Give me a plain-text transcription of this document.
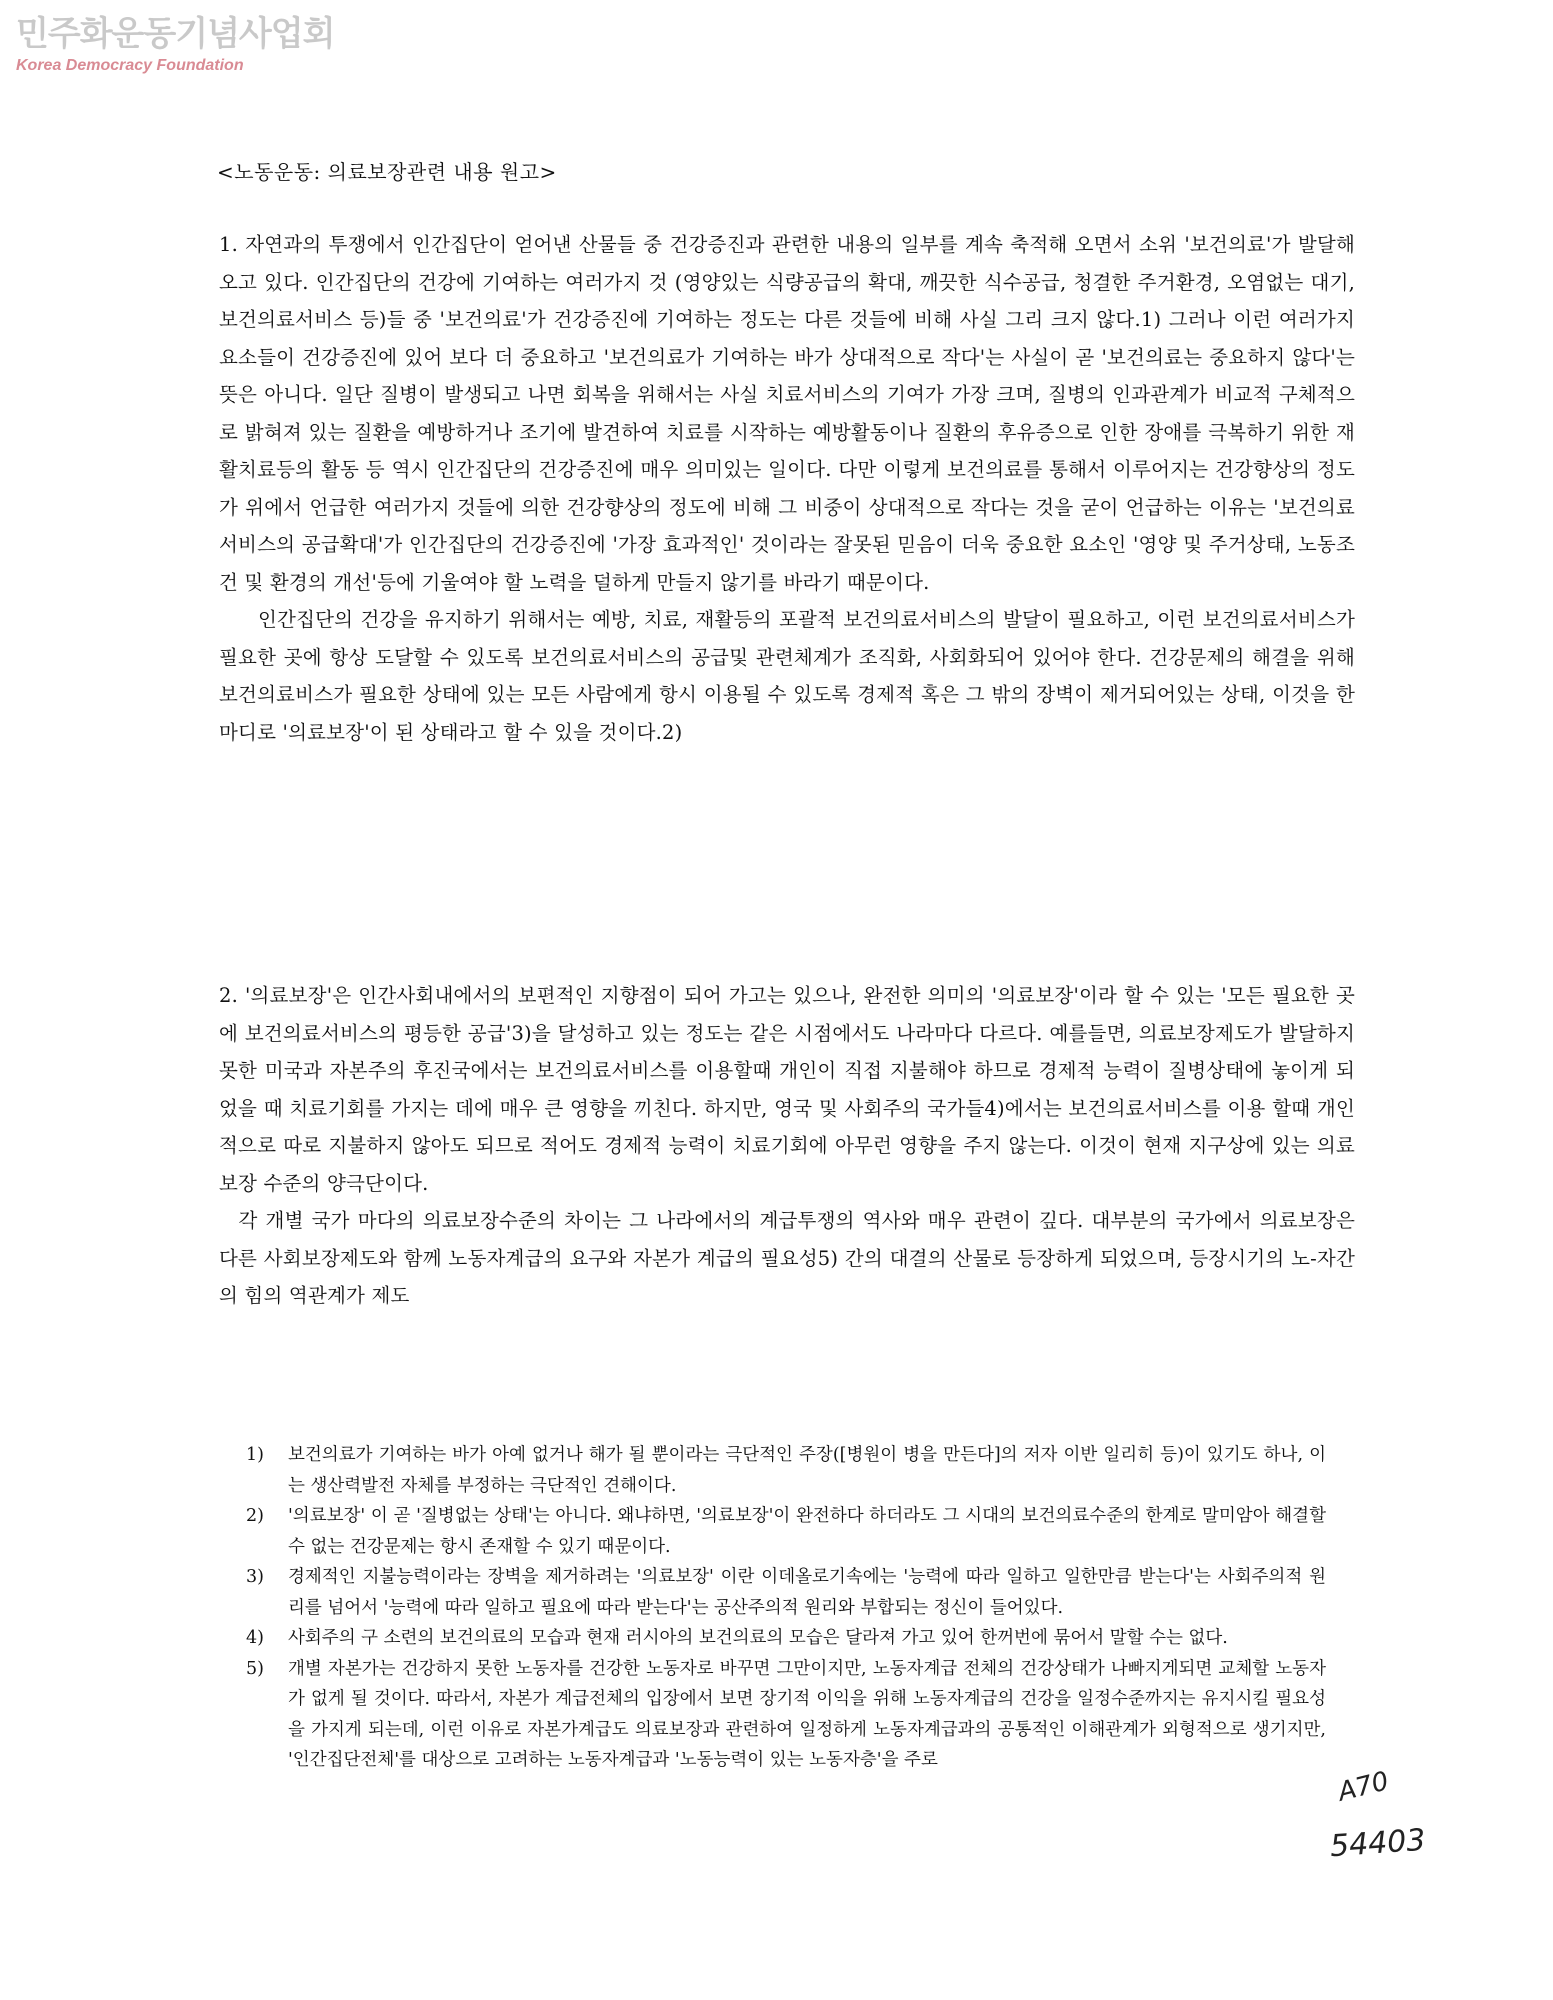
민주화운동기념사업회
Korea Democracy Foundation
<노동운동: 의료보장관련 내용 원고>

1. 자연과의 투쟁에서 인간집단이 얻어낸 산물들 중 건강증진과 관련한 내용의 일부를 계속 축적해 오면서 소위 '보건의료'가 발달해 오고 있다. 인간집단의 건강에 기여하는 여러가지 것 (영양있는 식량공급의 확대, 깨끗한 식수공급, 청결한 주거환경, 오염없는 대기, 보건의료서비스 등)들 중 '보건의료'가 건강증진에 기여하는 정도는 다른 것들에 비해 사실 그리 크지 않다.1) 그러나 이런 여러가지 요소들이 건강증진에 있어 보다 더 중요하고 '보건의료가 기여하는 바가 상대적으로 작다'는 사실이 곧 '보건의료는 중요하지 않다'는 뜻은 아니다. 일단 질병이 발생되고 나면 회복을 위해서는 사실 치료서비스의 기여가 가장 크며, 질병의 인과관계가 비교적 구체적으로 밝혀져 있는 질환을 예방하거나 조기에 발견하여 치료를 시작하는 예방활동이나 질환의 후유증으로 인한 장애를 극복하기 위한 재활치료등의 활동 등 역시 인간집단의 건강증진에 매우 의미있는 일이다. 다만 이렇게 보건의료를 통해서 이루어지는 건강향상의 정도가 위에서 언급한 여러가지 것들에 의한 건강향상의 정도에 비해 그 비중이 상대적으로 작다는 것을 굳이 언급하는 이유는 '보건의료서비스의 공급확대'가 인간집단의 건강증진에 '가장 효과적인' 것이라는 잘못된 믿음이 더욱 중요한 요소인 '영양 및 주거상태, 노동조건 및 환경의 개선'등에 기울여야 할 노력을 덜하게 만들지 않기를 바라기 때문이다.

인간집단의 건강을 유지하기 위해서는 예방, 치료, 재활등의 포괄적 보건의료서비스의 발달이 필요하고, 이런 보건의료서비스가 필요한 곳에 항상 도달할 수 있도록 보건의료서비스의 공급및 관련체계가 조직화, 사회화되어 있어야 한다. 건강문제의 해결을 위해 보건의료비스가 필요한 상태에 있는 모든 사람에게 항시 이용될 수 있도록 경제적 혹은 그 밖의 장벽이 제거되어있는 상태, 이것을 한마디로 '의료보장'이 된 상태라고 할 수 있을 것이다.2)

2. '의료보장'은 인간사회내에서의 보편적인 지향점이 되어 가고는 있으나, 완전한 의미의 '의료보장'이라 할 수 있는 '모든 필요한 곳에 보건의료서비스의 평등한 공급'3)을 달성하고 있는 정도는 같은 시점에서도 나라마다 다르다. 예를들면, 의료보장제도가 발달하지 못한 미국과 자본주의 후진국에서는 보건의료서비스를 이용할때 개인이 직접 지불해야 하므로 경제적 능력이 질병상태에 놓이게 되었을 때 치료기회를 가지는 데에 매우 큰 영향을 끼친다. 하지만, 영국 및 사회주의 국가들4)에서는 보건의료서비스를 이용 할때 개인적으로 따로 지불하지 않아도 되므로 적어도 경제적 능력이 치료기회에 아무런 영향을 주지 않는다. 이것이 현재 지구상에 있는 의료보장 수준의 양극단이다.

각 개별 국가 마다의 의료보장수준의 차이는 그 나라에서의 계급투쟁의 역사와 매우 관련이 깊다. 대부분의 국가에서 의료보장은 다른 사회보장제도와 함께 노동자계급의 요구와 자본가 계급의 필요성5) 간의 대결의 산물로 등장하게 되었으며, 등장시기의 노-자간의 힘의 역관계가 제도

1) 보건의료가 기여하는 바가 아예 없거나 해가 될 뿐이라는 극단적인 주장([병원이 병을 만든다]의 저자 이반 일리히 등)이 있기도 하나, 이는 생산력발전 자체를 부정하는 극단적인 견해이다.
2) '의료보장' 이 곧 '질병없는 상태'는 아니다. 왜냐하면, '의료보장'이 완전하다 하더라도 그 시대의 보건의료수준의 한계로 말미암아 해결할 수 없는 건강문제는 항시 존재할 수 있기 때문이다.
3) 경제적인 지불능력이라는 장벽을 제거하려는 '의료보장' 이란 이데올로기속에는 '능력에 따라 일하고 일한만큼 받는다'는 사회주의적 원리를 넘어서 '능력에 따라 일하고 필요에 따라 받는다'는 공산주의적 원리와 부합되는 정신이 들어있다.
4) 사회주의 구 소련의 보건의료의 모습과 현재 러시아의 보건의료의 모습은 달라져 가고 있어 한꺼번에 묶어서 말할 수는 없다.
5) 개별 자본가는 건강하지 못한 노동자를 건강한 노동자로 바꾸면 그만이지만, 노동자계급 전체의 건강상태가 나빠지게되면 교체할 노동자가 없게 될 것이다. 따라서, 자본가 계급전체의 입장에서 보면 장기적 이익을 위해 노동자계급의 건강을 일정수준까지는 유지시킬 필요성을 가지게 되는데, 이런 이유로 자본가계급도 의료보장과 관련하여 일정하게 노동자계급과의 공통적인 이해관계가 외형적으로 생기지만, '인간집단전체'를 대상으로 고려하는 노동자계급과 '노동능력이 있는 노동자층'을 주로
A70
54403
